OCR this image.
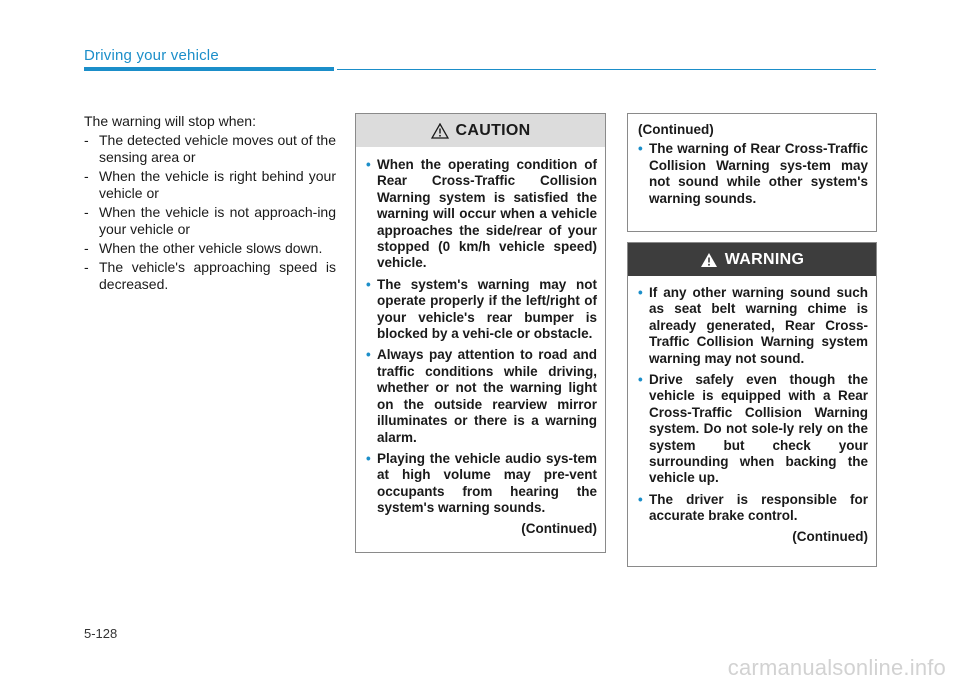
Driving your vehicle

The warning will stop when:

- The detected vehicle moves out of the sensing area or
- When the vehicle is right behind your vehicle or
- When the vehicle is not approach-ing your vehicle or
- When the other vehicle slows down.
- The vehicle's approaching speed is decreased.
CAUTION
• When the operating condition of Rear Cross-Traffic Collision Warning system is satisfied the warning will occur when a vehicle approaches the side/rear of your stopped (0 km/h vehicle speed) vehicle.
• The system's warning may not operate properly if the left/right of your vehicle's rear bumper is blocked by a vehi-cle or obstacle.
• Always pay attention to road and traffic conditions while driving, whether or not the warning light on the outside rearview mirror illuminates or there is a warning alarm.
• Playing the vehicle audio sys-tem at high volume may pre-vent occupants from hearing the system's warning sounds.
(Continued)
(Continued)
• The warning of Rear Cross-Traffic Collision Warning sys-tem may not sound while other system's warning sounds.
WARNING
• If any other warning sound such as seat belt warning chime is already generated, Rear Cross-Traffic Collision Warning system warning may not sound.
• Drive safely even though the vehicle is equipped with a Rear Cross-Traffic Collision Warning system. Do not sole-ly rely on the system but check your surrounding when backing the vehicle up.
• The driver is responsible for accurate brake control.
(Continued)
5-128
carmanualsonline.info
